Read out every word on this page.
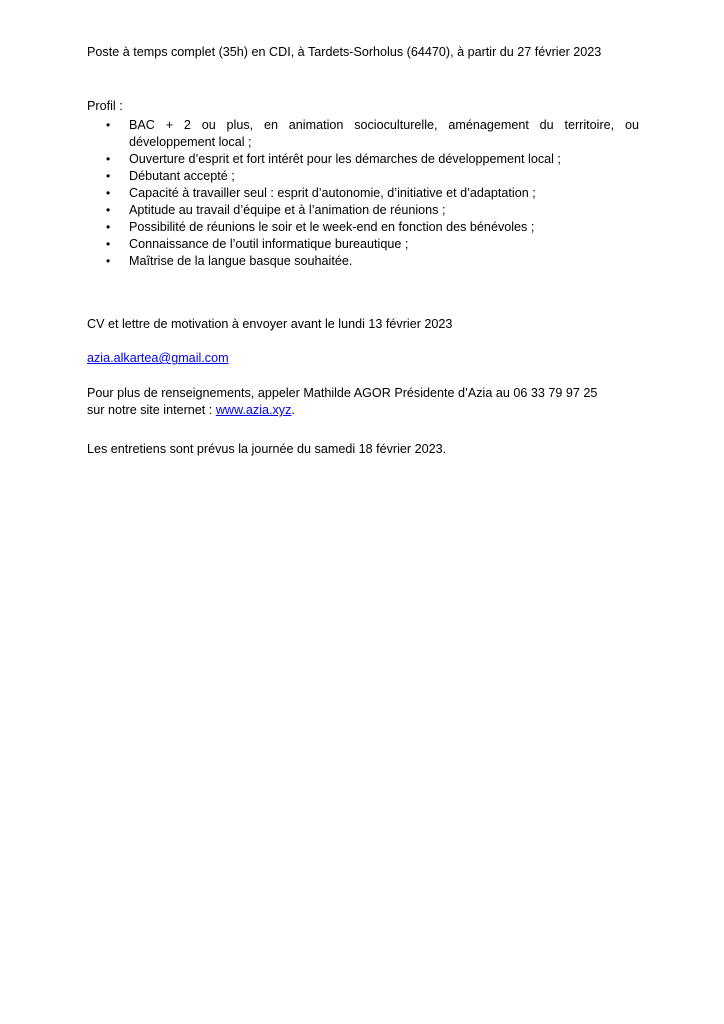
Poste à temps complet (35h) en CDI, à Tardets-Sorholus (64470), à partir du 27 février 2023

Profil :

• BAC + 2 ou plus, en animation socioculturelle, aménagement du territoire, ou développement local ;
• Ouverture d’esprit et fort intérêt pour les démarches de développement local ;
• Débutant accepté ;
• Capacité à travailler seul : esprit d’autonomie, d’initiative et d’adaptation ;
• Aptitude au travail d’équipe et à l’animation de réunions ;
• Possibilité de réunions le soir et le week-end en fonction des bénévoles ;
• Connaissance de l’outil informatique bureautique ;
• Maîtrise de la langue basque souhaitée.

CV et lettre de motivation à envoyer avant le lundi 13 février 2023

azia.alkartea@gmail.com

Pour plus de renseignements, appeler Mathilde AGOR Présidente d’Azia au 06 33 79 97 25
sur notre site internet : www.azia.xyz.

Les entretiens sont prévus la journée du samedi 18 février 2023.
